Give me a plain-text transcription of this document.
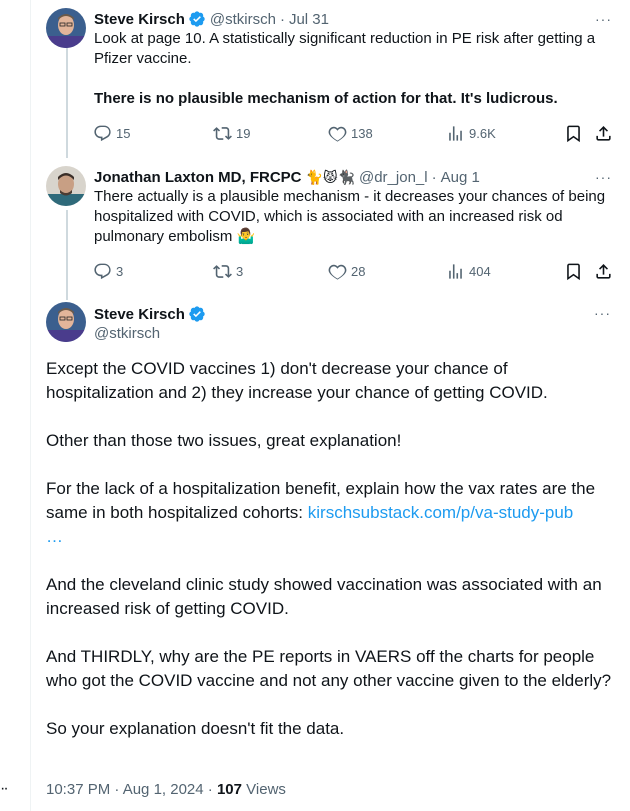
··
Steve Kirsch @stkirsch · Jul 31	···

Look at page 10. A statistically significant reduction in PE risk after getting a Pfizer vaccine.

There is no plausible mechanism of action for that. It's ludicrous.

15	19	138	9.6K
Jonathan Laxton MD, FRCPC 🐈😾🐈‍⬛ @dr_jon_l · Aug 1	···
There actually is a plausible mechanism - it decreases your chances of being hospitalized with COVID, which is associated with an increased risk od pulmonary embolism 🤷‍♂️
3	3	28	404
Steve Kirsch
@stkirsch
···

Except the COVID vaccines 1) don't decrease your chance of hospitalization and 2) they increase your chance of getting COVID.

Other than those two issues, great explanation!

For the lack of a hospitalization benefit, explain how the vax rates are the same in both hospitalized cohorts: kirschsubstack.com/p/va-study-pub
…

And the cleveland clinic study showed vaccination was associated with an increased risk of getting COVID.

And THIRDLY, why are the PE reports in VAERS off the charts for people who got the COVID vaccine and not any other vaccine given to the elderly?

So your explanation doesn't fit the data.

10:37 PM · Aug 1, 2024 · 107 Views
